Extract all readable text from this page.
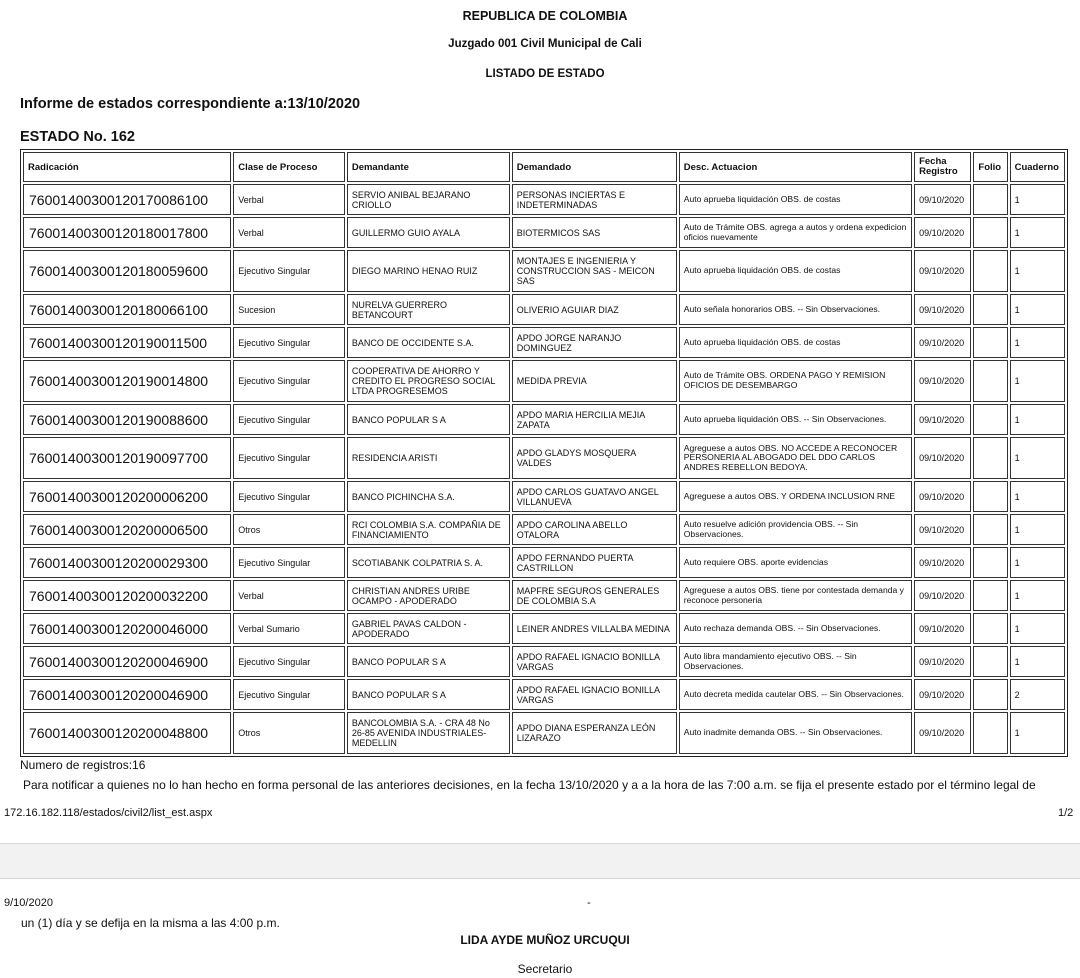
REPUBLICA DE COLOMBIA
Juzgado 001 Civil Municipal de Cali
LISTADO DE ESTADO
Informe de estados correspondiente a:13/10/2020
ESTADO No. 162
Radicación	Clase de Proceso	Demandante	Demandado	Desc. Actuacion	Fecha Registro	Folio	Cuaderno
76001400300120170086100	Verbal	SERVIO ANIBAL BEJARANO CRIOLLO	PERSONAS INCIERTAS E INDETERMINADAS	Auto aprueba liquidación OBS. de costas	09/10/2020		1
76001400300120180017800	Verbal	GUILLERMO GUIO AYALA	BIOTERMICOS SAS	Auto de Trámite OBS. agrega a autos y ordena expedicion oficios nuevamente	09/10/2020		1
76001400300120180059600	Ejecutivo Singular	DIEGO MARINO HENAO RUIZ	MONTAJES E INGENIERIA Y CONSTRUCCION SAS - MEICON SAS	Auto aprueba liquidación OBS. de costas	09/10/2020		1
76001400300120180066100	Sucesion	NURELVA GUERRERO BETANCOURT	OLIVERIO AGUIAR DIAZ	Auto señala honorarios OBS. -- Sin Observaciones.	09/10/2020		1
76001400300120190011500	Ejecutivo Singular	BANCO DE OCCIDENTE S.A.	APDO JORGE NARANJO DOMINGUEZ	Auto aprueba liquidación OBS. de costas	09/10/2020		1
76001400300120190014800	Ejecutivo Singular	COOPERATIVA DE AHORRO Y CREDITO EL PROGRESO SOCIAL LTDA PROGRESEMOS	MEDIDA PREVIA	Auto de Trámite OBS. ORDENA PAGO Y REMISION OFICIOS DE DESEMBARGO	09/10/2020		1
76001400300120190088600	Ejecutivo Singular	BANCO POPULAR S A	APDO MARIA HERCILIA MEJIA ZAPATA	Auto aprueba liquidación OBS. -- Sin Observaciones.	09/10/2020		1
76001400300120190097700	Ejecutivo Singular	RESIDENCIA ARISTI	APDO GLADYS MOSQUERA VALDES	Agreguese a autos OBS. NO ACCEDE A RECONOCER PERSONERIA AL ABOGADO DEL DDO CARLOS ANDRES REBELLON BEDOYA.	09/10/2020		1
76001400300120200006200	Ejecutivo Singular	BANCO PICHINCHA S.A.	APDO CARLOS GUATAVO ANGEL VILLANUEVA	Agreguese a autos OBS. Y ORDENA INCLUSION RNE	09/10/2020		1
76001400300120200006500	Otros	RCI COLOMBIA S.A. COMPAÑIA DE FINANCIAMIENTO	APDO CAROLINA ABELLO OTALORA	Auto resuelve adición providencia OBS. -- Sin Observaciones.	09/10/2020		1
76001400300120200029300	Ejecutivo Singular	SCOTIABANK COLPATRIA S. A.	APDO FERNANDO PUERTA CASTRILLON	Auto requiere OBS. aporte evidencias	09/10/2020		1
76001400300120200032200	Verbal	CHRISTIAN ANDRES URIBE OCAMPO - APODERADO	MAPFRE SEGUROS GENERALES DE COLOMBIA S.A	Agreguese a autos OBS. tiene por contestada demanda y reconoce personeria	09/10/2020		1
76001400300120200046000	Verbal Sumario	GABRIEL PAVAS CALDON - APODERADO	LEINER ANDRES VILLALBA MEDINA	Auto rechaza demanda OBS. -- Sin Observaciones.	09/10/2020		1
76001400300120200046900	Ejecutivo Singular	BANCO POPULAR S A	APDO RAFAEL IGNACIO BONILLA VARGAS	Auto libra mandamiento ejecutivo OBS. -- Sin Observaciones.	09/10/2020		1
76001400300120200046900	Ejecutivo Singular	BANCO POPULAR S A	APDO RAFAEL IGNACIO BONILLA VARGAS	Auto decreta medida cautelar OBS. -- Sin Observaciones.	09/10/2020		2
76001400300120200048800	Otros	BANCOLOMBIA S.A. - CRA 48 No 26-85 AVENIDA INDUSTRIALES- MEDELLIN	APDO DIANA ESPERANZA LEÓN LIZARAZO	Auto inadmite demanda OBS. -- Sin Observaciones.	09/10/2020		1
Numero de registros:16
Para notificar a quienes no lo han hecho en forma personal de las anteriores decisiones, en la fecha 13/10/2020 y a a la hora de las 7:00 a.m. se fija el presente estado por el término legal de
172.16.182.118/estados/civil2/list_est.aspx	1/2
9/10/2020	-
un (1) día y se defija en la misma a las 4:00 p.m.
LIDA AYDE MUÑOZ URCUQUI
Secretario
